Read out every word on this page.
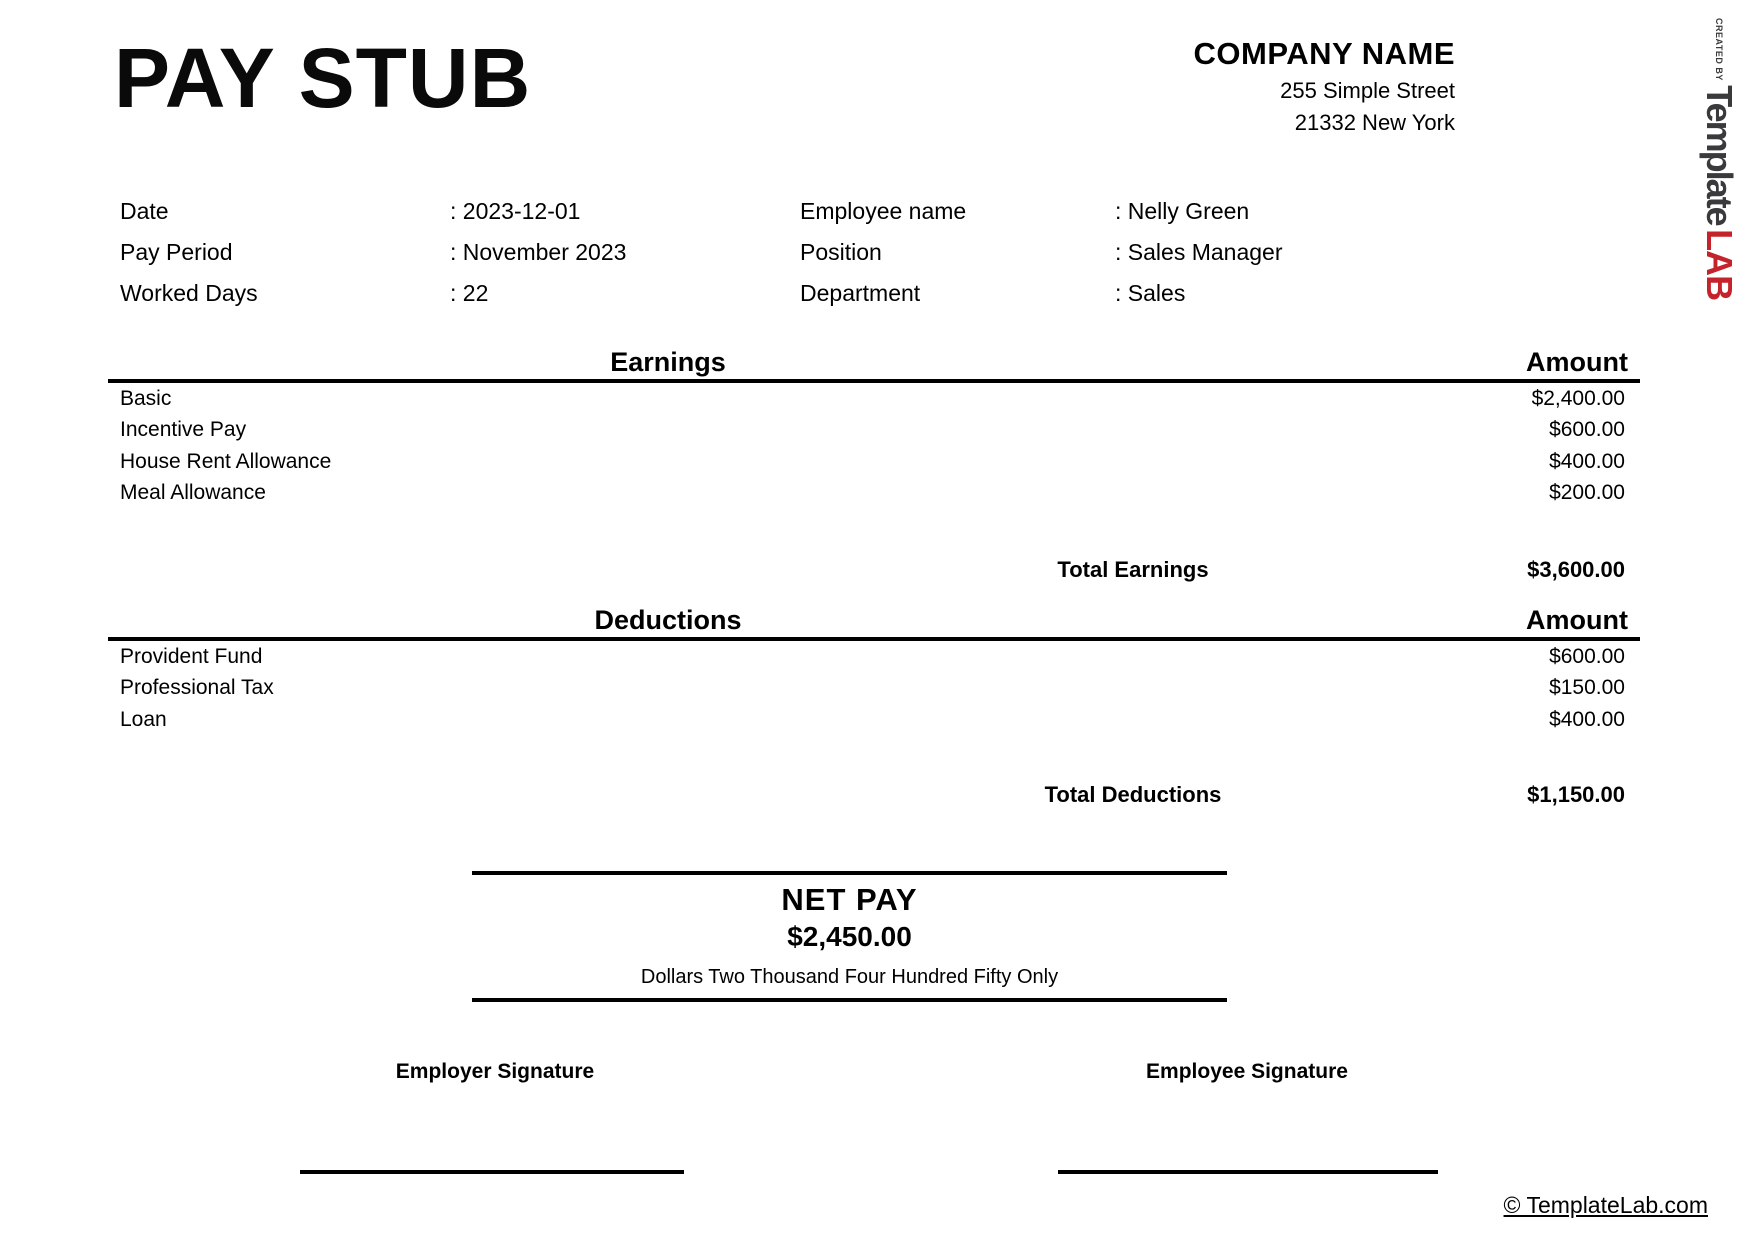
PAY STUB	COMPANY NAME
255 Simple Street
21332 New York
CREATED BY Template LAB
Date	: 2023-12-01	Employee name	: Nelly Green
Pay Period	: November 2023	Position	: Sales Manager
Worked Days	: 22	Department	: Sales
Earnings	Amount
Basic	$2,400.00
Incentive Pay	$600.00
House Rent Allowance	$400.00
Meal Allowance	$200.00
Total Earnings	$3,600.00
Deductions	Amount
Provident Fund	$600.00
Professional Tax	$150.00
Loan	$400.00
Total Deductions	$1,150.00
NET PAY
$2,450.00
Dollars Two Thousand Four Hundred Fifty Only
Employer Signature	Employee Signature
© TemplateLab.com
